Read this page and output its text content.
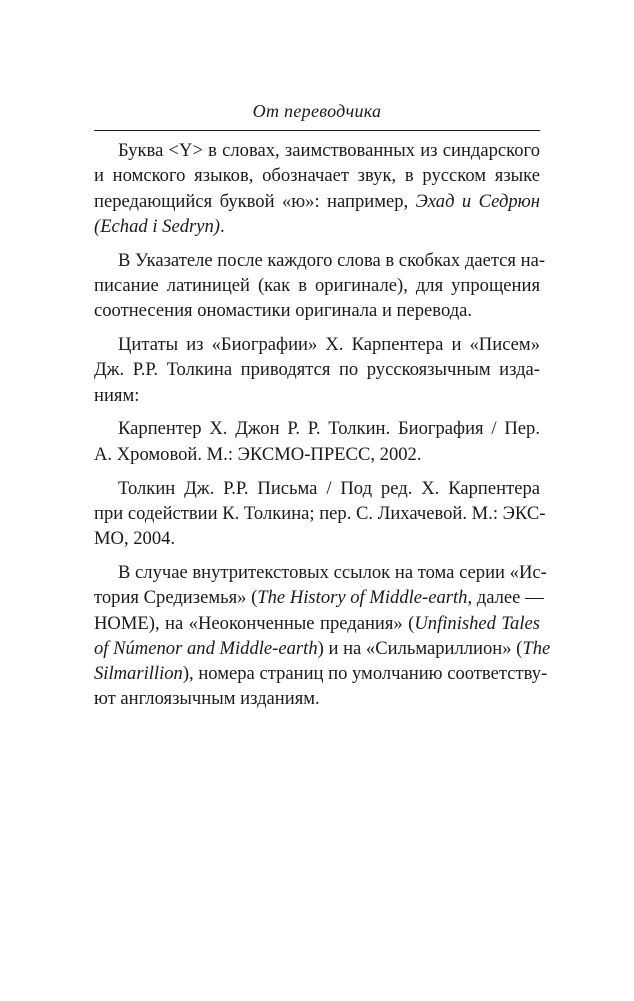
От переводчика
Буква <Y> в словах, заимствованных из синдарского
и номского языков, обозначает звук, в русском языке
передающийся буквой «ю»: например, Эхад и Седрюн
(Echad i Sedryn).
В Указателе после каждого слова в скобках дается на-
писание латиницей (как в оригинале), для упрощения
соотнесения ономастики оригинала и перевода.
Цитаты из «Биографии» Х. Карпентера и «Писем»
Дж. Р.Р. Толкина приводятся по русскоязычным изда-
ниям:
Карпентер Х. Джон Р. Р. Толкин. Биография / Пер.
А. Хромовой. М.: ЭКСМО-ПРЕСС, 2002.
Толкин Дж. Р.Р. Письма / Под ред. Х. Карпентера
при содействии К. Толкина; пер. С. Лихачевой. М.: ЭКС-
МО, 2004.
В случае внутритекстовых ссылок на тома серии «Ис-
тория Средиземья» (The History of Middle-earth, далее —
HOME), на «Неоконченные предания» (Unfinished Tales
of Númenor and Middle-earth) и на «Сильмариллион» (The
Silmarillion), номера страниц по умолчанию соответству-
ют англоязычным изданиям.
